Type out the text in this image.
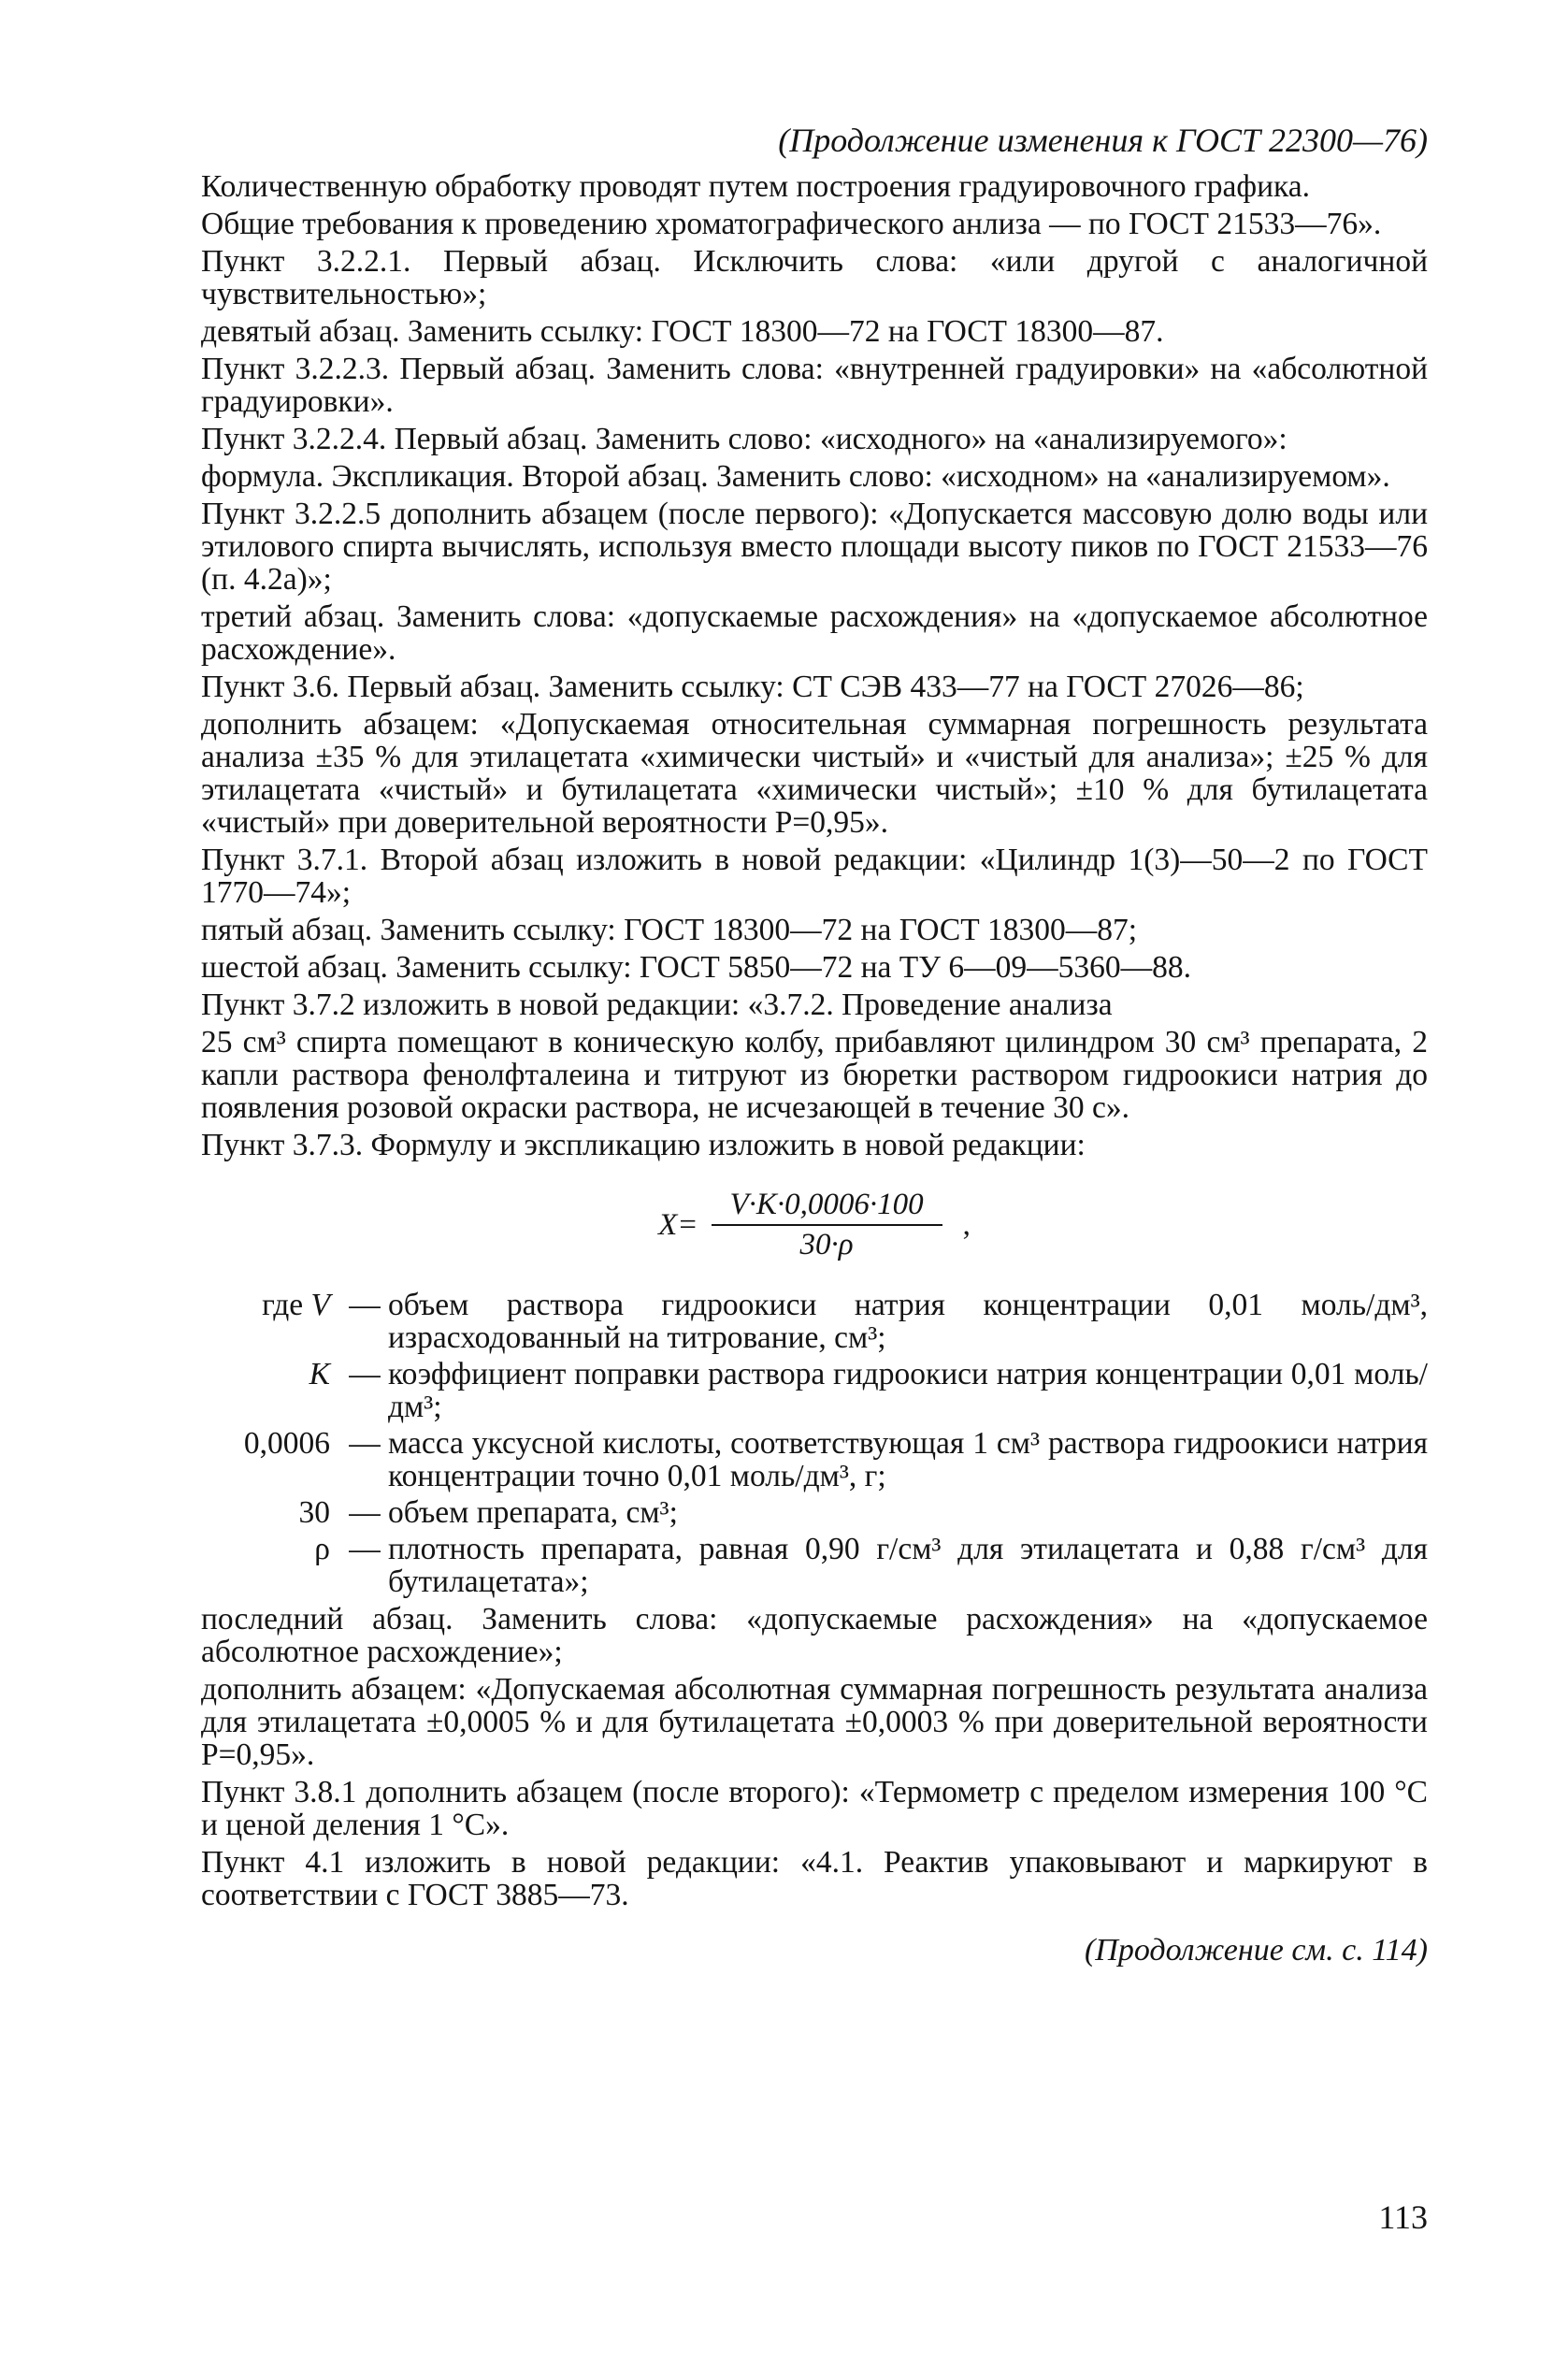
(Продолжение изменения к ГОСТ 22300—76)

Количественную обработку проводят путем построения градуировочного графика.

Общие требования к проведению хроматографического анлиза — по ГОСТ 21533—76».

Пункт 3.2.2.1. Первый абзац. Исключить слова: «или другой с аналогичной чувствительностью»;

девятый абзац. Заменить ссылку: ГОСТ 18300—72 на ГОСТ 18300—87.

Пункт 3.2.2.3. Первый абзац. Заменить слова: «внутренней градуировки» на «абсолютной градуировки».

Пункт 3.2.2.4. Первый абзац. Заменить слово: «исходного» на «анализируемого»:

формула. Экспликация. Второй абзац. Заменить слово: «исходном» на «анализируемом».

Пункт 3.2.2.5 дополнить абзацем (после первого): «Допускается массовую долю воды или этилового спирта вычислять, используя вместо площади высоту пиков по ГОСТ 21533—76 (п. 4.2а)»;

третий абзац. Заменить слова: «допускаемые расхождения» на «допускаемое абсолютное расхождение».

Пункт 3.6. Первый абзац. Заменить ссылку: СТ СЭВ 433—77 на ГОСТ 27026—86;

дополнить абзацем: «Допускаемая относительная суммарная погрешность результата анализа ±35 % для этилацетата «химически чистый» и «чистый для анализа»; ±25 % для этилацетата «чистый» и бутилацетата «химически чистый»; ±10 % для бутилацетата «чистый» при доверительной вероятности Р=0,95».

Пункт 3.7.1. Второй абзац изложить в новой редакции: «Цилиндр 1(3)—50—2 по ГОСТ 1770—74»;

пятый абзац. Заменить ссылку: ГОСТ 18300—72 на ГОСТ 18300—87;

шестой абзац. Заменить ссылку: ГОСТ 5850—72 на ТУ 6—09—5360—88.

Пункт 3.7.2 изложить в новой редакции: «3.7.2. Проведение анализа

25 см³ спирта помещают в коническую колбу, прибавляют цилиндром 30 см³ препарата, 2 капли раствора фенолфталеина и титруют из бюретки раствором гидроокиси натрия до появления розовой окраски раствора, не исчезающей в течение 30 с».

Пункт 3.7.3. Формулу и экспликацию изложить в новой редакции:

$X= \frac{V\cdot K\cdot 0,0006\cdot 100}{30\cdot\rho}$ ,
где V — объем раствора гидроокиси натрия концентрации 0,01 моль/дм³, израсходованный на титрование, см³;
K — коэффициент поправки раствора гидроокиси натрия концентрации 0,01 моль/дм³;
0,0006 — масса уксусной кислоты, соответствующая 1 см³ раствора гидроокиси натрия концентрации точно 0,01 моль/дм³, г;
30 — объем препарата, см³;
ρ — плотность препарата, равная 0,90 г/см³ для этилацетата и 0,88 г/см³ для бутилацетата»;

последний абзац. Заменить слова: «допускаемые расхождения» на «допускаемое абсолютное расхождение»;

дополнить абзацем: «Допускаемая абсолютная суммарная погрешность результата анализа для этилацетата ±0,0005 % и для бутилацетата ±0,0003 % при доверительной вероятности Р=0,95».

Пункт 3.8.1 дополнить абзацем (после второго): «Термометр с пределом измерения 100 °С и ценой деления 1 °С».

Пункт 4.1 изложить в новой редакции: «4.1. Реактив упаковывают и маркируют в соответствии с ГОСТ 3885—73.

(Продолжение см. с. 114)
113
